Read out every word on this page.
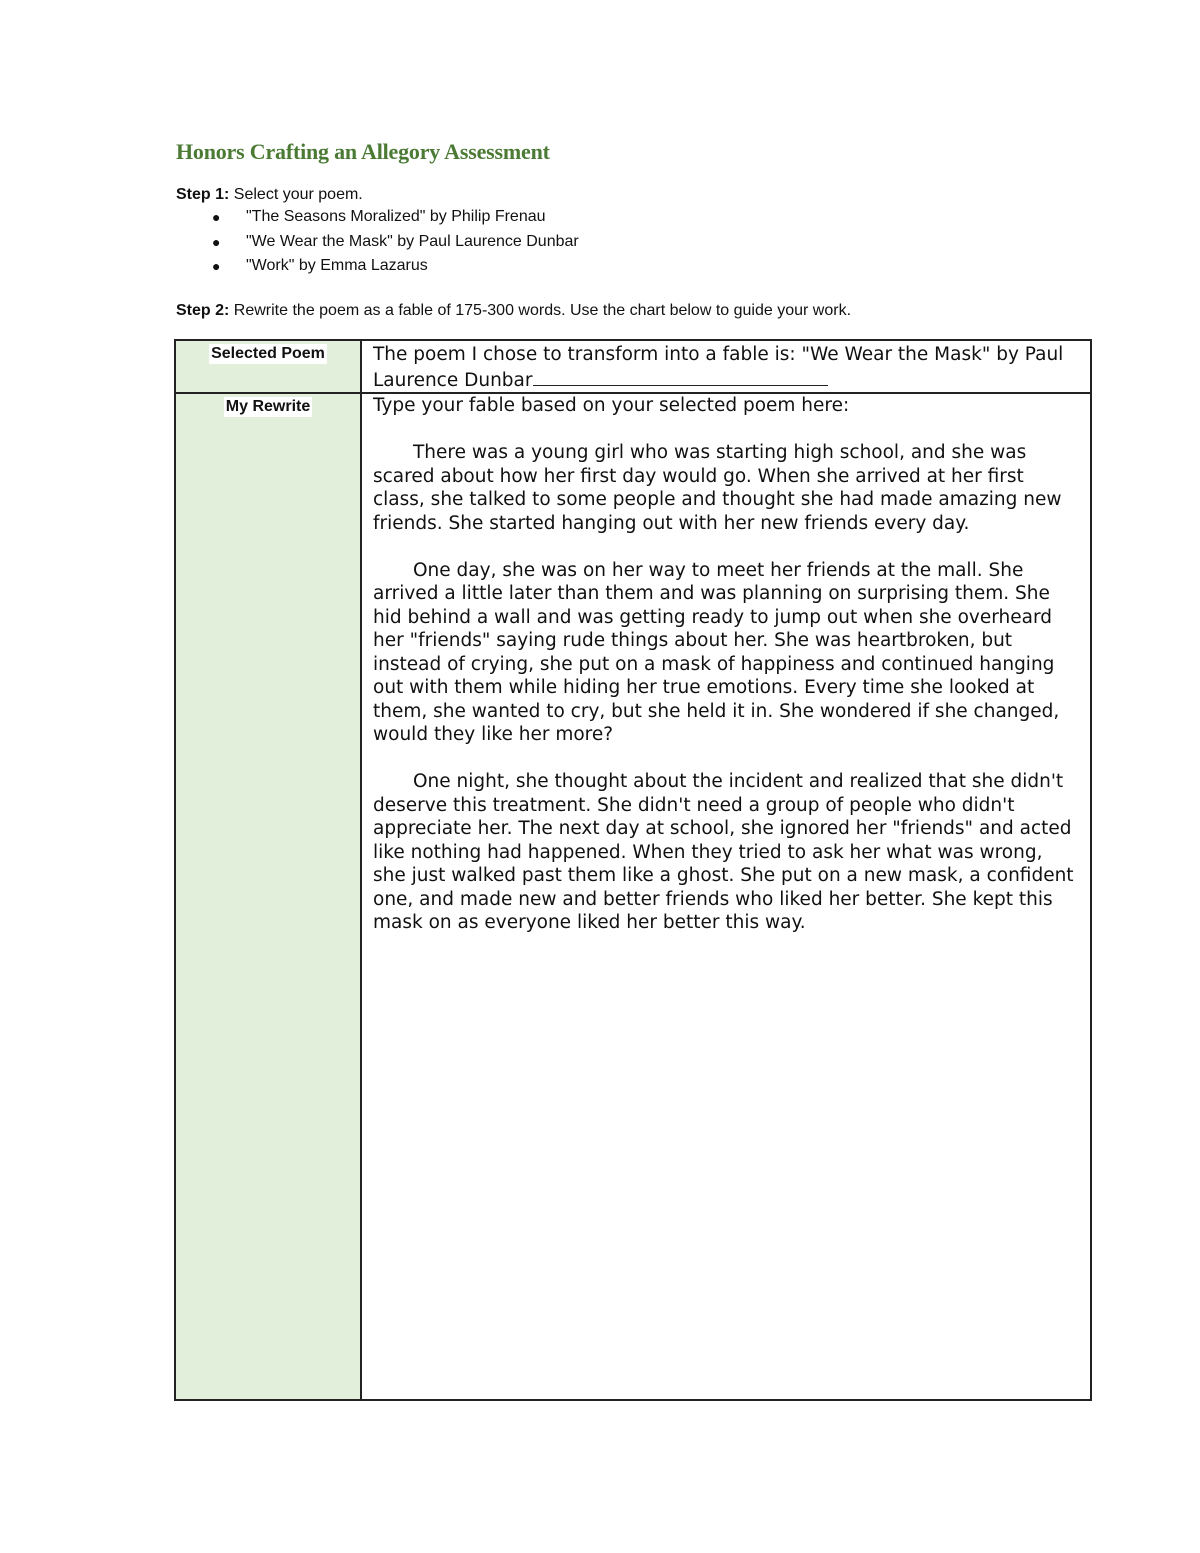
Honors Crafting an Allegory Assessment
Step 1: Select your poem.
● "The Seasons Moralized" by Philip Frenau
● "We Wear the Mask" by Paul Laurence Dunbar
● "Work" by Emma Lazarus
Step 2: Rewrite the poem as a fable of 175-300 words. Use the chart below to guide your work.
Selected Poem	The poem I chose to transform into a fable is: "We Wear the Mask" by Paul Laurence Dunbar
My Rewrite	Type your fable based on your selected poem here:

There was a young girl who was starting high school, and she was scared about how her first day would go. When she arrived at her first class, she talked to some people and thought she had made amazing new friends. She started hanging out with her new friends every day.

One day, she was on her way to meet her friends at the mall. She arrived a little later than them and was planning on surprising them. She hid behind a wall and was getting ready to jump out when she overheard her "friends" saying rude things about her. She was heartbroken, but instead of crying, she put on a mask of happiness and continued hanging out with them while hiding her true emotions. Every time she looked at them, she wanted to cry, but she held it in. She wondered if she changed, would they like her more?

One night, she thought about the incident and realized that she didn't deserve this treatment. She didn't need a group of people who didn't appreciate her. The next day at school, she ignored her "friends" and acted like nothing had happened. When they tried to ask her what was wrong, she just walked past them like a ghost. She put on a new mask, a confident one, and made new and better friends who liked her better. She kept this mask on as everyone liked her better this way.
